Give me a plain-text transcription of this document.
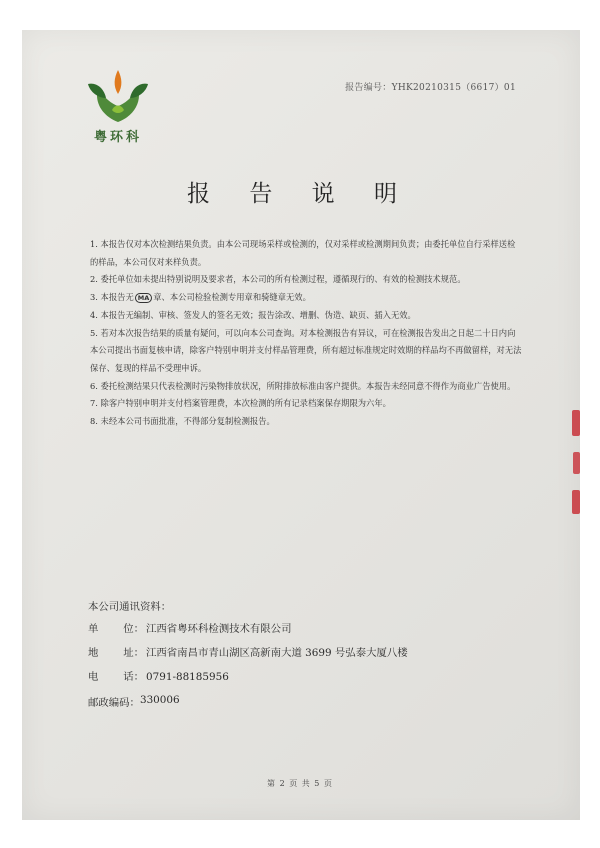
粤环科
报告编号：YHK20210315（6617）01
报 告 说 明

1. 本报告仅对本次检测结果负责。由本公司现场采样或检测的，仅对采样或检测期间负责；由委托单位自行采样送检的样品，本公司仅对来样负责。

2. 委托单位如未提出特别说明及要求者，本公司的所有检测过程，遵循现行的、有效的检测技术规范。

3. 本报告无 MA 章、本公司检验检测专用章和骑缝章无效。

4. 本报告无编制、审核、签发人的签名无效；报告涂改、增删、伪造、缺页、插入无效。

5. 若对本次报告结果的质量有疑问，可以向本公司查询。对本检测报告有异议，可在检测报告发出之日起二十日内向本公司提出书面复核申请，除客户特别申明并支付样品管理费，所有超过标准规定时效期的样品均不再做留样，对无法保存、复现的样品不受理申诉。

6. 委托检测结果只代表检测时污染物排放状况，所附排放标准由客户提供。本报告未经同意不得作为商业广告使用。

7. 除客户特别申明并支付档案管理费，本次检测的所有记录档案保存期限为六年。

8. 未经本公司书面批准，不得部分复制检测报告。

本公司通讯资料：

单 位： 江西省粤环科检测技术有限公司
地 址： 江西省南昌市青山湖区高新南大道 3699 号弘泰大厦八楼
电 话： 0791-88185956
邮政编码： 330006
第 2 页 共 5 页
